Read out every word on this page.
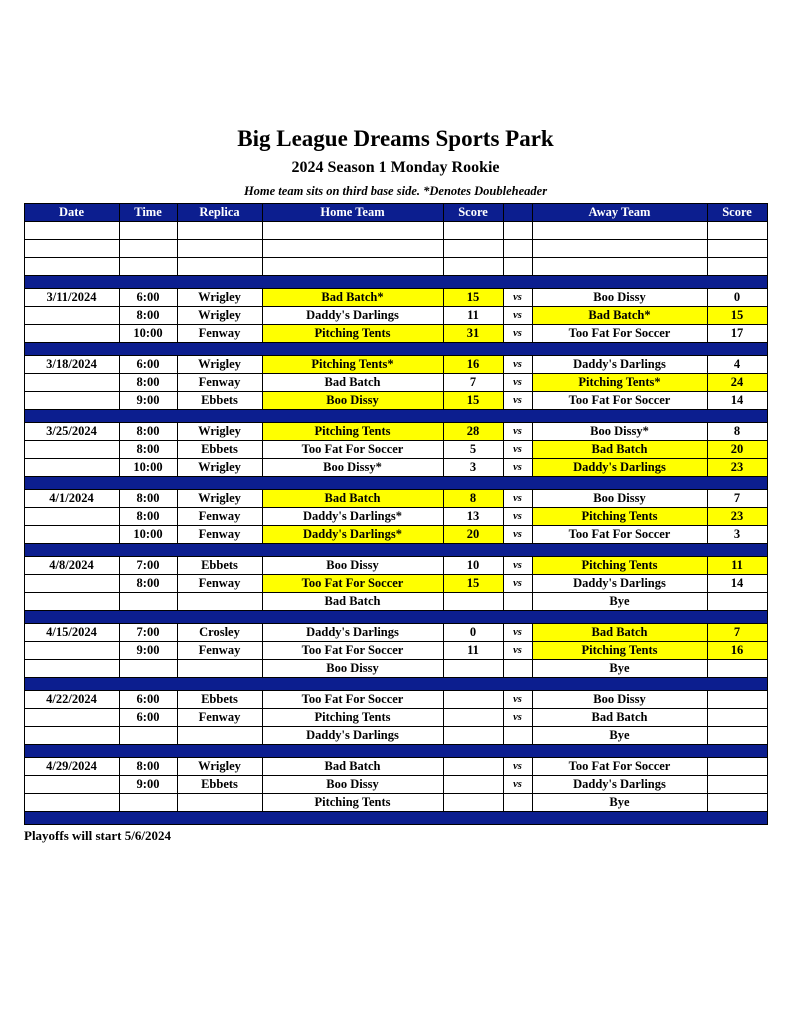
Big League Dreams Sports Park
2024 Season 1 Monday Rookie
Home team sits on third base side. *Denotes Doubleheader
Date	Time	Replica	Home Team	Score		Away Team	Score

3/11/2024	6:00	Wrigley	Bad Batch*	15	vs	Boo Dissy	0
	8:00	Wrigley	Daddy's Darlings	11	vs	Bad Batch*	15
	10:00	Fenway	Pitching Tents	31	vs	Too Fat For Soccer	17

3/18/2024	6:00	Wrigley	Pitching Tents*	16	vs	Daddy's Darlings	4
	8:00	Fenway	Bad Batch	7	vs	Pitching Tents*	24
	9:00	Ebbets	Boo Dissy	15	vs	Too Fat For Soccer	14

3/25/2024	8:00	Wrigley	Pitching Tents	28	vs	Boo Dissy*	8
	8:00	Ebbets	Too Fat For Soccer	5	vs	Bad Batch	20
	10:00	Wrigley	Boo Dissy*	3	vs	Daddy's Darlings	23

4/1/2024	8:00	Wrigley	Bad Batch	8	vs	Boo Dissy	7
	8:00	Fenway	Daddy's Darlings*	13	vs	Pitching Tents	23
	10:00	Fenway	Daddy's Darlings*	20	vs	Too Fat For Soccer	3

4/8/2024	7:00	Ebbets	Boo Dissy	10	vs	Pitching Tents	11
	8:00	Fenway	Too Fat For Soccer	15	vs	Daddy's Darlings	14
			Bad Batch			Bye	

4/15/2024	7:00	Crosley	Daddy's Darlings	0	vs	Bad Batch	7
	9:00	Fenway	Too Fat For Soccer	11	vs	Pitching Tents	16
			Boo Dissy			Bye	

4/22/2024	6:00	Ebbets	Too Fat For Soccer		vs	Boo Dissy	
	6:00	Fenway	Pitching Tents		vs	Bad Batch	
			Daddy's Darlings			Bye	

4/29/2024	8:00	Wrigley	Bad Batch		vs	Too Fat For Soccer	
	9:00	Ebbets	Boo Dissy		vs	Daddy's Darlings	
			Pitching Tents			Bye	

Playoffs will start 5/6/2024
